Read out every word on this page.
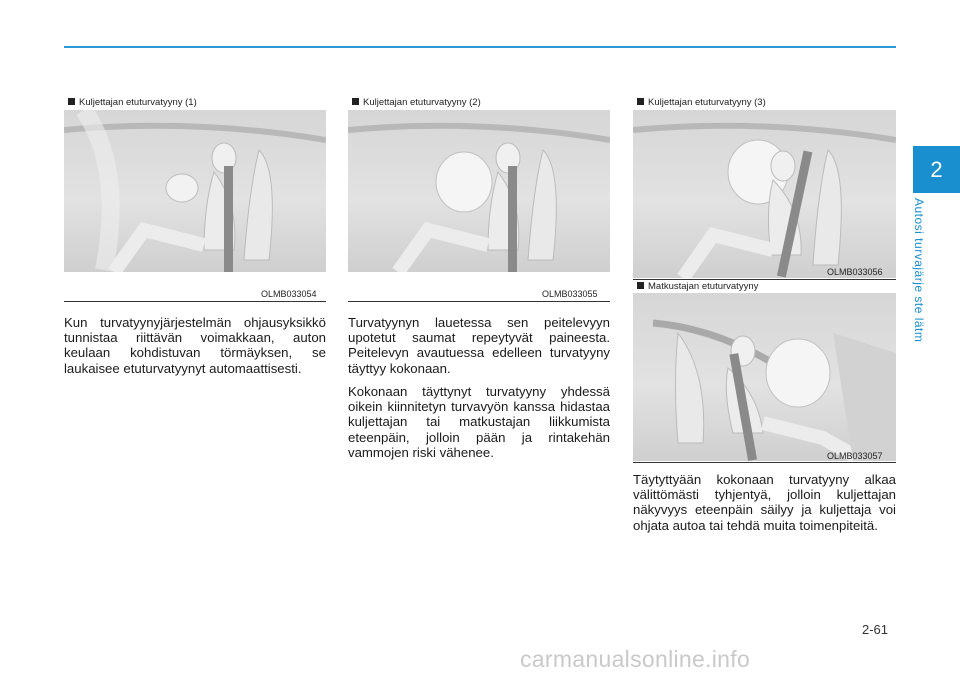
2
Autosi turvajärje ste lätm
Kuljettajan etuturvatyyny (1)
OLMB033054
Kuljettajan etuturvatyyny (2)
OLMB033055
Kuljettajan etuturvatyyny (3)
OLMB033056
Matkustajan etuturvatyyny
OLMB033057

Kun turvatyynyjärjestelmän ohjausyksikkö tunnistaa riittävän voimakkaan, auton keulaan kohdistuvan törmäyksen, se laukaisee etuturvatyynyt automaattisesti.

Turvatyynyn lauetessa sen peitelevyyn upotetut saumat repeytyvät paineesta. Peitelevyn avautuessa edelleen turvatyyny täyttyy kokonaan.

Kokonaan täyttynyt turvatyyny yhdessä oikein kiinnitetyn turvavyön kanssa hidastaa kuljettajan tai matkustajan liikkumista eteenpäin, jolloin pään ja rintakehän vammojen riski vähenee.

Täytyttyään kokonaan turvatyyny alkaa välittömästi tyhjentyä, jolloin kuljettajan näkyvyys eteenpäin säilyy ja kuljettaja voi ohjata autoa tai tehdä muita toimenpiteitä.

2-61
carmanualsonline.info
